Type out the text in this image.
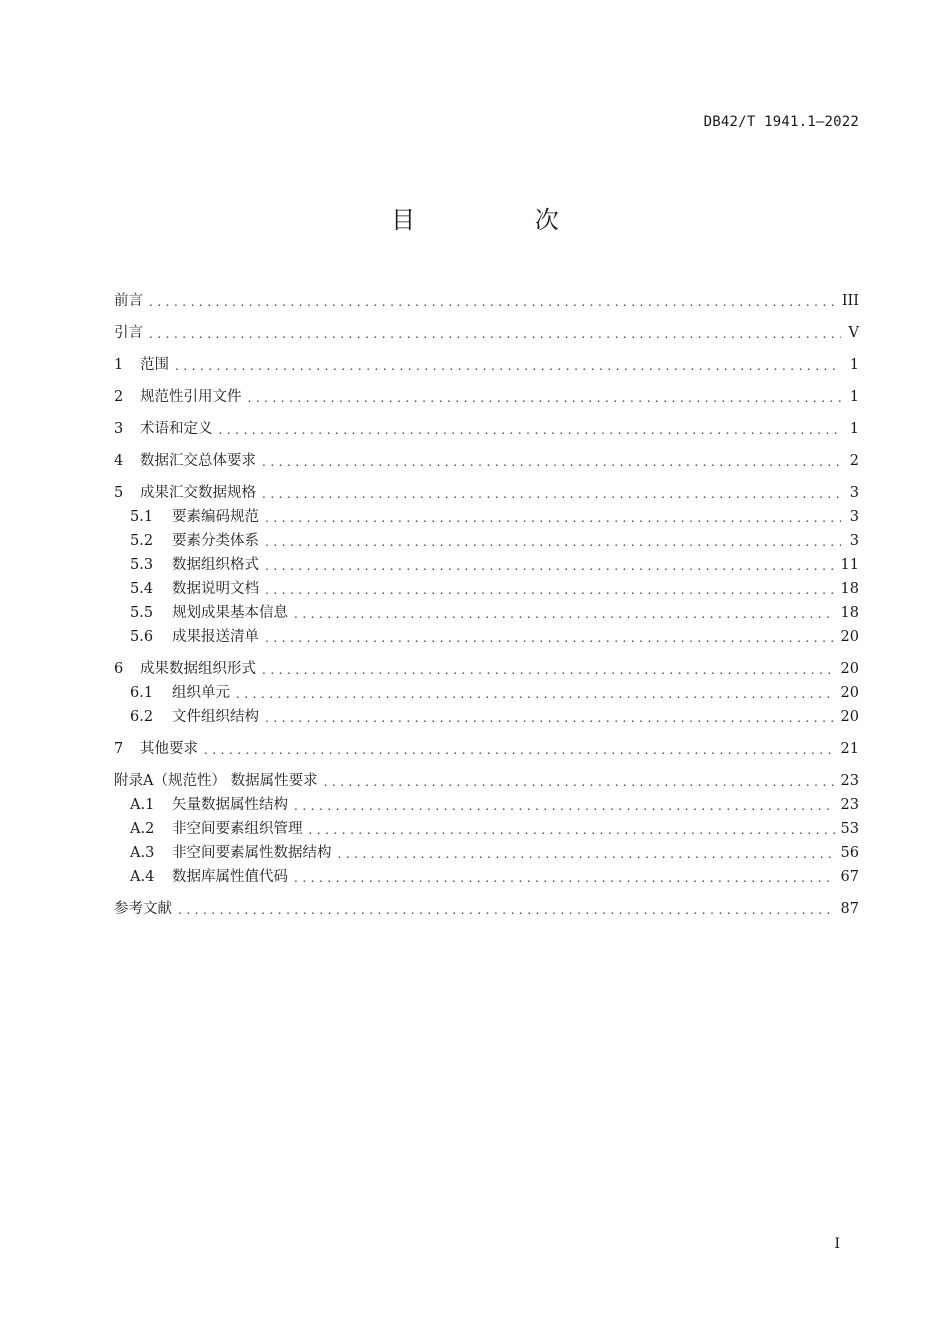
DB42/T 1941.1—2022
目 次
前言 .....	III
引言 .....	V
1	范围 .....	1
2	规范性引用文件 .....	1
3	术语和定义 .....	1
4	数据汇交总体要求 .....	2
5	成果汇交数据规格 .....	3
5.1	要素编码规范 .....	3
5.2	要素分类体系 .....	3
5.3	数据组织格式 .....	11
5.4	数据说明文档 .....	18
5.5	规划成果基本信息 .....	18
5.6	成果报送清单 .....	20
6	成果数据组织形式 .....	20
6.1	组织单元 .....	20
6.2	文件组织结构 .....	20
7	其他要求 .....	21
附录A（规范性） 数据属性要求 .....	23
A.1	矢量数据属性结构 .....	23
A.2	非空间要素组织管理 .....	53
A.3	非空间要素属性数据结构 .....	56
A.4	数据库属性值代码 .....	67
参考文献 .....	87
I
